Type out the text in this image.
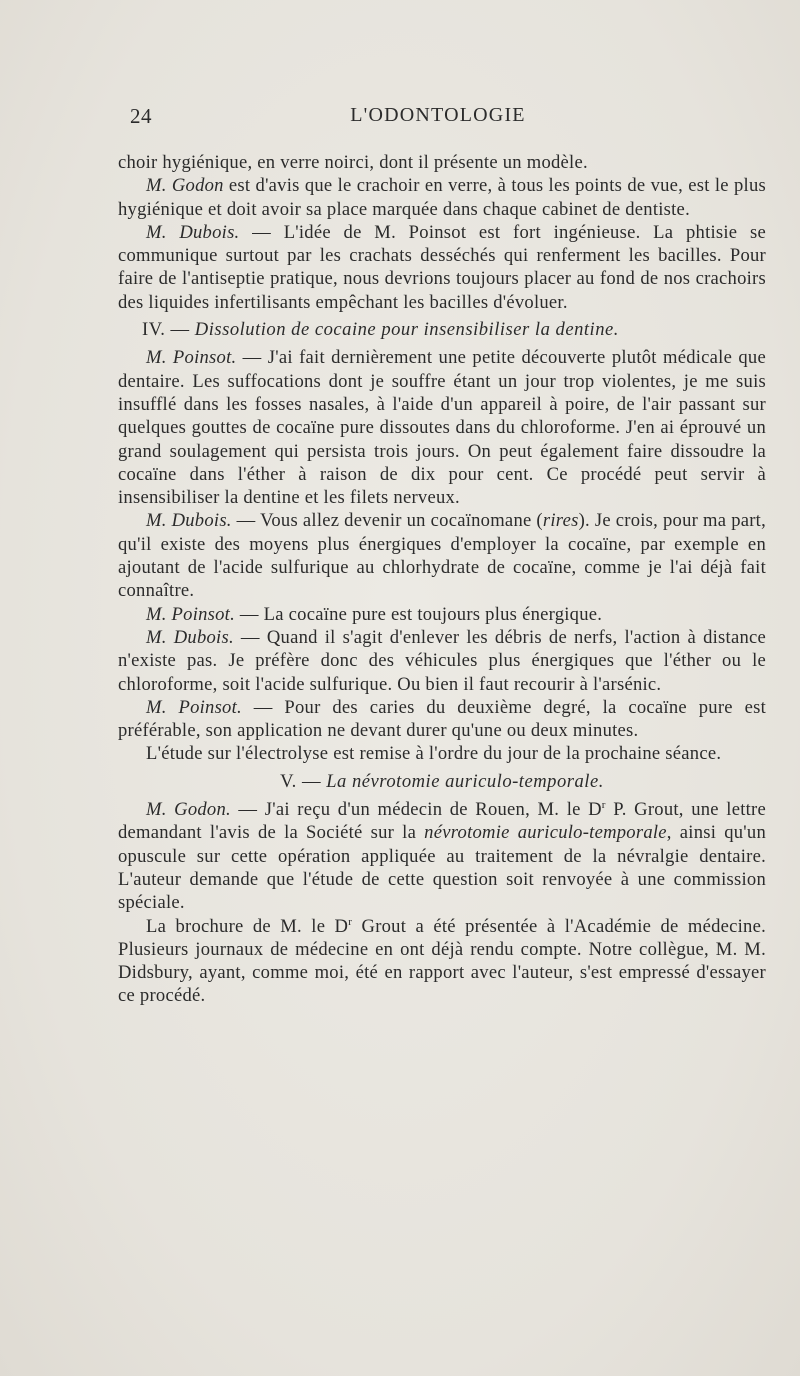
24	L'ODONTOLOGIE

choir hygiénique, en verre noirci, dont il présente un modèle.

M. Godon est d'avis que le crachoir en verre, à tous les points de vue, est le plus hygiénique et doit avoir sa place marquée dans chaque cabinet de dentiste.

M. Dubois. — L'idée de M. Poinsot est fort ingénieuse. La phtisie se communique surtout par les crachats desséchés qui renferment les bacilles. Pour faire de l'antiseptie pratique, nous devrions toujours placer au fond de nos crachoirs des liquides infertilisants empêchant les bacilles d'évoluer.

IV. — Dissolution de cocaine pour insensibiliser la dentine.

M. Poinsot. — J'ai fait dernièrement une petite découverte plutôt médicale que dentaire. Les suffocations dont je souffre étant un jour trop violentes, je me suis insufflé dans les fosses nasales, à l'aide d'un appareil à poire, de l'air passant sur quelques gouttes de cocaïne pure dissoutes dans du chloroforme. J'en ai éprouvé un grand soulagement qui persista trois jours. On peut également faire dissoudre la cocaïne dans l'éther à raison de dix pour cent. Ce procédé peut servir à insensibiliser la dentine et les filets nerveux.

M. Dubois. — Vous allez devenir un cocaïnomane (rires). Je crois, pour ma part, qu'il existe des moyens plus énergiques d'employer la cocaïne, par exemple en ajoutant de l'acide sulfurique au chlorhydrate de cocaïne, comme je l'ai déjà fait connaître.

M. Poinsot. — La cocaïne pure est toujours plus énergique.

M. Dubois. — Quand il s'agit d'enlever les débris de nerfs, l'action à distance n'existe pas. Je préfère donc des véhicules plus énergiques que l'éther ou le chloroforme, soit l'acide sulfurique. Ou bien il faut recourir à l'arsénic.

M. Poinsot. — Pour des caries du deuxième degré, la cocaïne pure est préférable, son application ne devant durer qu'une ou deux minutes.

L'étude sur l'électrolyse est remise à l'ordre du jour de la prochaine séance.

V. — La névrotomie auriculo-temporale.

M. Godon. — J'ai reçu d'un médecin de Rouen, M. le $D^r$ P. Grout, une lettre demandant l'avis de la Société sur la névrotomie auriculo-temporale, ainsi qu'un opuscule sur cette opération appliquée au traitement de la névralgie dentaire. L'auteur demande que l'étude de cette question soit renvoyée à une commission spéciale.

La brochure de M. le $D^r$ Grout a été présentée à l'Académie de médecine. Plusieurs journaux de médecine en ont déjà rendu compte. Notre collègue, M. M. Didsbury, ayant, comme moi, été en rapport avec l'auteur, s'est empressé d'essayer ce procédé.
